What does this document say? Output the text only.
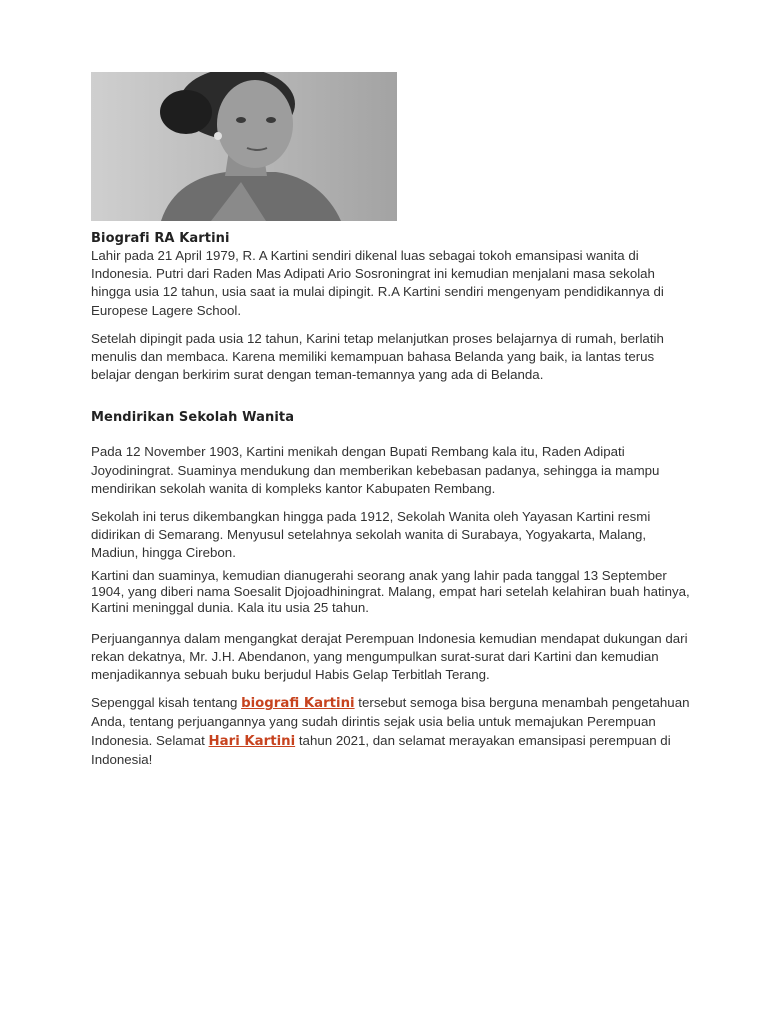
Biografi RA Kartini

Lahir pada 21 April 1979, R. A Kartini sendiri dikenal luas sebagai tokoh emansipasi wanita di Indonesia. Putri dari Raden Mas Adipati Ario Sosroningrat ini kemudian menjalani masa sekolah hingga usia 12 tahun, usia saat ia mulai dipingit. R.A Kartini sendiri mengenyam pendidikannya di Europese Lagere School.

Setelah dipingit pada usia 12 tahun, Karini tetap melanjutkan proses belajarnya di rumah, berlatih menulis dan membaca. Karena memiliki kemampuan bahasa Belanda yang baik, ia lantas terus belajar dengan berkirim surat dengan teman-temannya yang ada di Belanda.

Mendirikan Sekolah Wanita

Pada 12 November 1903, Kartini menikah dengan Bupati Rembang kala itu, Raden Adipati Joyodiningrat. Suaminya mendukung dan memberikan kebebasan padanya, sehingga ia mampu mendirikan sekolah wanita di kompleks kantor Kabupaten Rembang.

Sekolah ini terus dikembangkan hingga pada 1912, Sekolah Wanita oleh Yayasan Kartini resmi didirikan di Semarang. Menyusul setelahnya sekolah wanita di Surabaya, Yogyakarta, Malang, Madiun, hingga Cirebon.

Kartini dan suaminya, kemudian dianugerahi seorang anak yang lahir pada tanggal 13 September 1904, yang diberi nama Soesalit Djojoadhiningrat. Malang, empat hari setelah kelahiran buah hatinya, Kartini meninggal dunia. Kala itu usia 25 tahun.

Perjuangannya dalam mengangkat derajat Perempuan Indonesia kemudian mendapat dukungan dari rekan dekatnya, Mr. J.H. Abendanon, yang mengumpulkan surat-surat dari Kartini dan kemudian menjadikannya sebuah buku berjudul Habis Gelap Terbitlah Terang.

Sepenggal kisah tentang biografi Kartini tersebut semoga bisa berguna menambah pengetahuan Anda, tentang perjuangannya yang sudah dirintis sejak usia belia untuk memajukan Perempuan Indonesia. Selamat Hari Kartini tahun 2021, dan selamat merayakan emansipasi perempuan di Indonesia!
